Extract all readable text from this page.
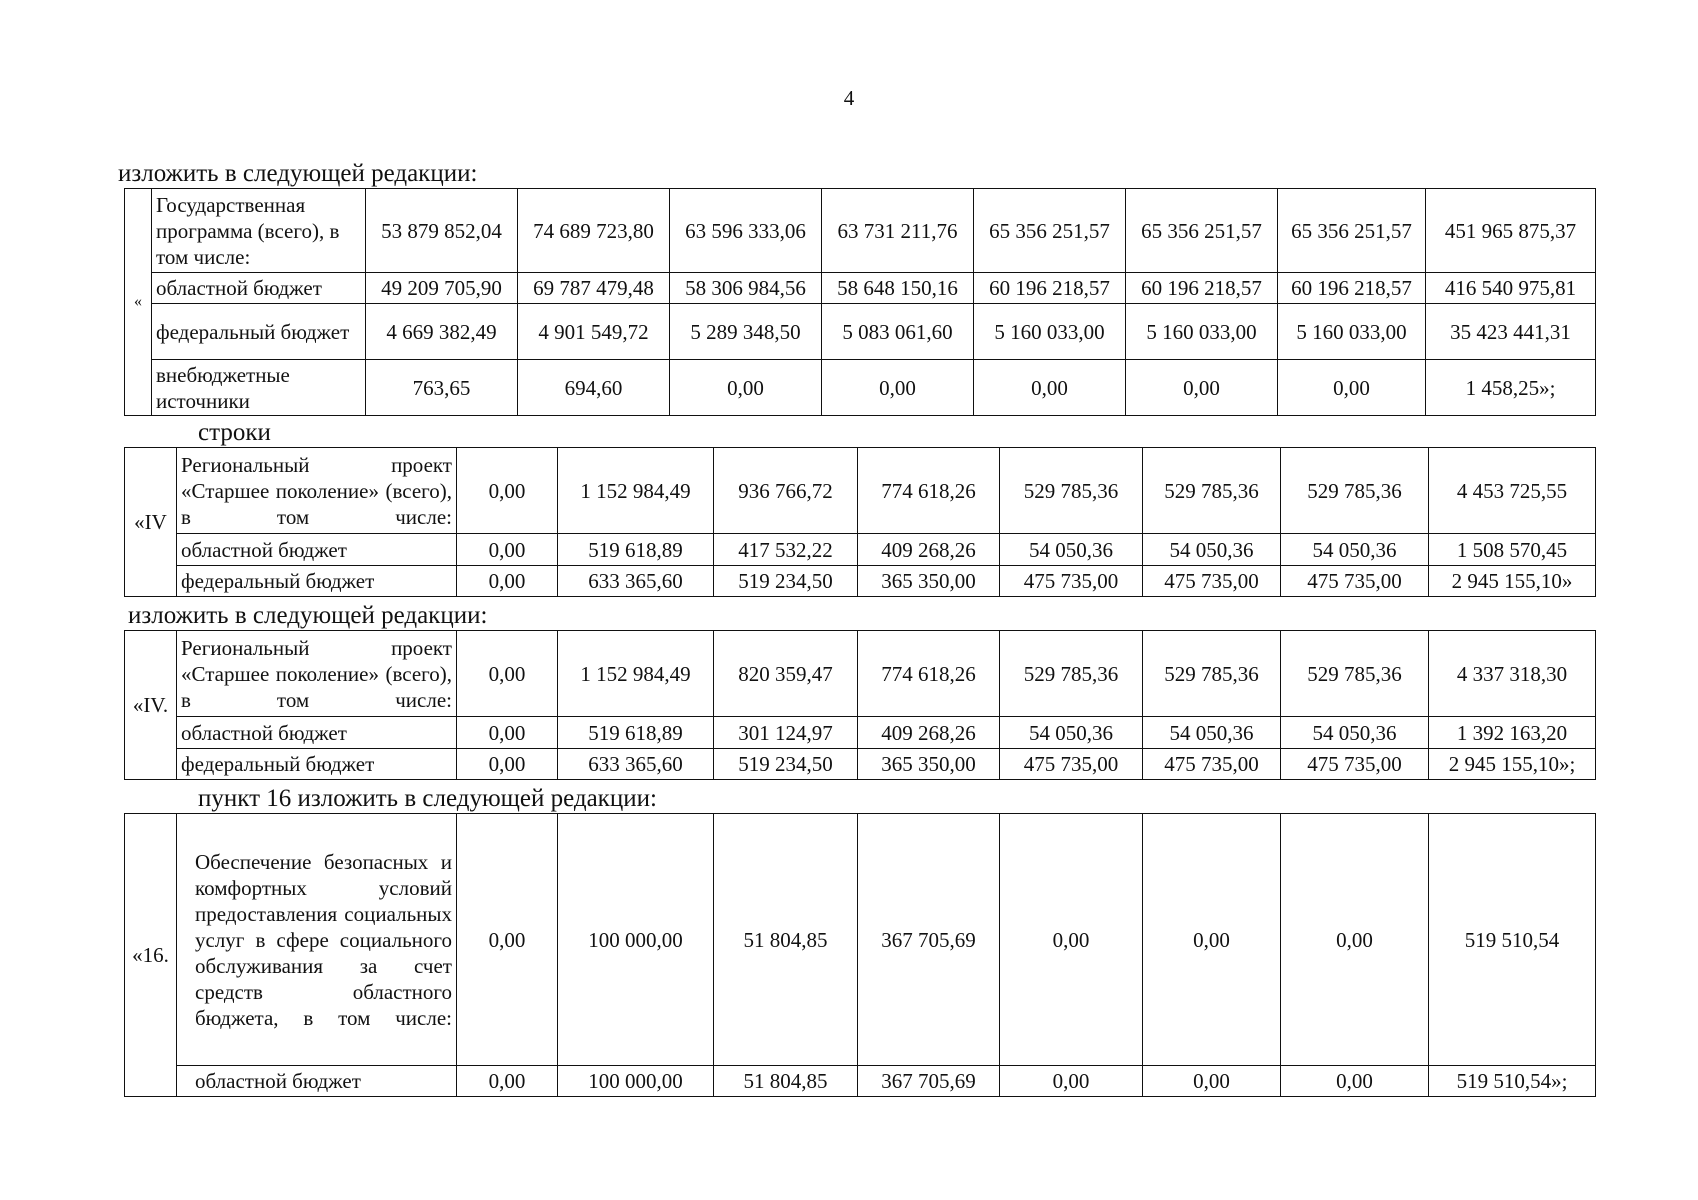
4
изложить в следующей редакции:
«	Государственная программа (всего), в том числе:	53 879 852,04	74 689 723,80	63 596 333,06	63 731 211,76	65 356 251,57	65 356 251,57	65 356 251,57	451 965 875,37
	областной бюджет	49 209 705,90	69 787 479,48	58 306 984,56	58 648 150,16	60 196 218,57	60 196 218,57	60 196 218,57	416 540 975,81
	федеральный бюджет	4 669 382,49	4 901 549,72	5 289 348,50	5 083 061,60	5 160 033,00	5 160 033,00	5 160 033,00	35 423 441,31
	внебюджетные источники	763,65	694,60	0,00	0,00	0,00	0,00	0,00	1 458,25»;
строки
«IV	Региональный проект «Старшее поколение» (всего), в том числе:	0,00	1 152 984,49	936 766,72	774 618,26	529 785,36	529 785,36	529 785,36	4 453 725,55
	областной бюджет	0,00	519 618,89	417 532,22	409 268,26	54 050,36	54 050,36	54 050,36	1 508 570,45
	федеральный бюджет	0,00	633 365,60	519 234,50	365 350,00	475 735,00	475 735,00	475 735,00	2 945 155,10»
изложить в следующей редакции:
«IV.	Региональный проект «Старшее поколение» (всего), в том числе:	0,00	1 152 984,49	820 359,47	774 618,26	529 785,36	529 785,36	529 785,36	4 337 318,30
	областной бюджет	0,00	519 618,89	301 124,97	409 268,26	54 050,36	54 050,36	54 050,36	1 392 163,20
	федеральный бюджет	0,00	633 365,60	519 234,50	365 350,00	475 735,00	475 735,00	475 735,00	2 945 155,10»;
пункт 16 изложить в следующей редакции:
«16.	Обеспечение безопасных и комфортных условий предоставления социальных услуг в сфере социального обслуживания за счет средств областного бюджета, в том числе:	0,00	100 000,00	51 804,85	367 705,69	0,00	0,00	0,00	519 510,54
	областной бюджет	0,00	100 000,00	51 804,85	367 705,69	0,00	0,00	0,00	519 510,54»;
